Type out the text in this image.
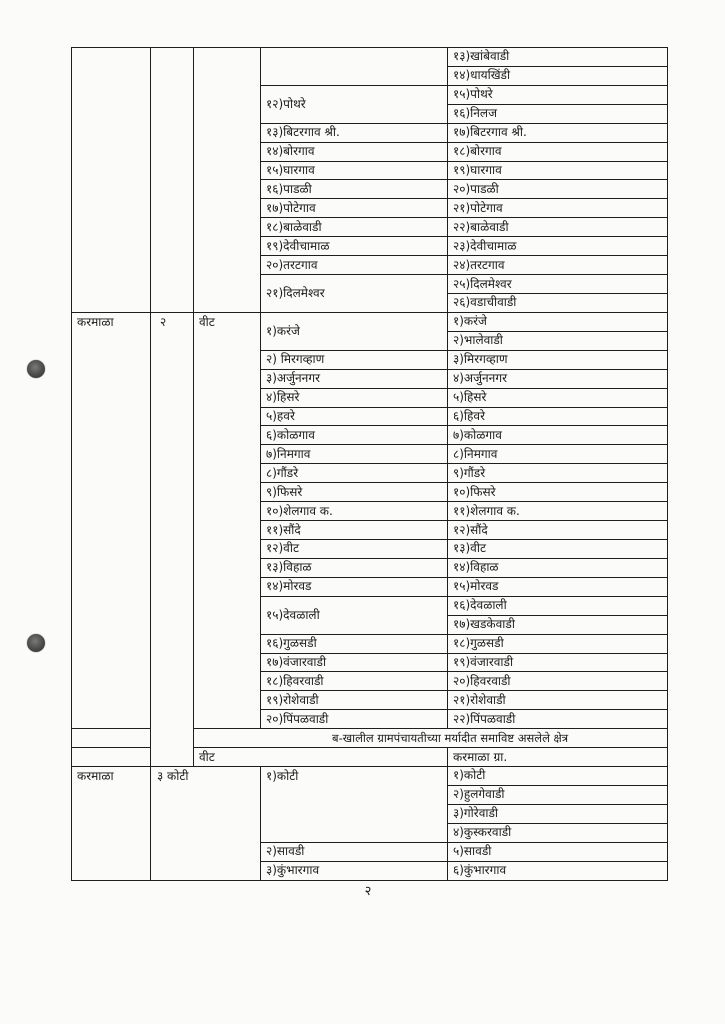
				१३)खांबेवाडी
				१४)धायखिंडी
			१२)पोथरे	१५)पोथरे
				१६)निलज
			१३)बिटरगाव श्री.	१७)बिटरगाव श्री.
			१४)बोरगाव	१८)बोरगाव
			१५)घारगाव	१९)घारगाव
			१६)पाडळी	२०)पाडळी
			१७)पोटेगाव	२१)पोटेगाव
			१८)बाळेवाडी	२२)बाळेवाडी
			१९)देवीचामाळ	२३)देवीचामाळ
			२०)तरटगाव	२४)तरटगाव
			२१)दिलमेश्वर	२५)दिलमेश्वर
				२६)वडाचीवाडी
करमाळा	२	वीट	१)करंजे	१)करंजे
				२)भालेवाडी
			२) मिरगव्हाण	३)मिरगव्हाण
			३)अर्जुननगर	४)अर्जुननगर
			४)हिसरे	५)हिसरे
			५)हवरे	६)हिवरे
			६)कोळगाव	७)कोळगाव
			७)निमगाव	८)निमगाव
			८)गौंडरे	९)गौंडरे
			९)फिसरे	१०)फिसरे
			१०)शेलगाव क.	११)शेलगाव क.
			११)सौंदे	१२)सौंदे
			१२)वीट	१३)वीट
			१३)विहाळ	१४)विहाळ
			१४)मोरवड	१५)मोरवड
			१५)देवळाली	१६)देवळाली
				१७)खडकेवाडी
			१६)गुळसडी	१८)गुळसडी
			१७)वंजारवाडी	१९)वंजारवाडी
			१८)हिवरवाडी	२०)हिवरवाडी
			१९)रोशेवाडी	२१)रोशेवाडी
			२०)पिंपळवाडी	२२)पिंपळवाडी
		ब-खालील ग्रामपंचायतीच्या मर्यादीत समाविष्ट असलेले क्षेत्र		
		वीट		करमाळा ग्रा.
करमाळा	३ कोटी		१)कोटी	१)कोटी
				२)हुलगेवाडी
				३)गोरेवाडी
				४)कुस्करवाडी
			२)सावडी	५)सावडी
			३)कुंभारगाव	६)कुंभारगाव
२
